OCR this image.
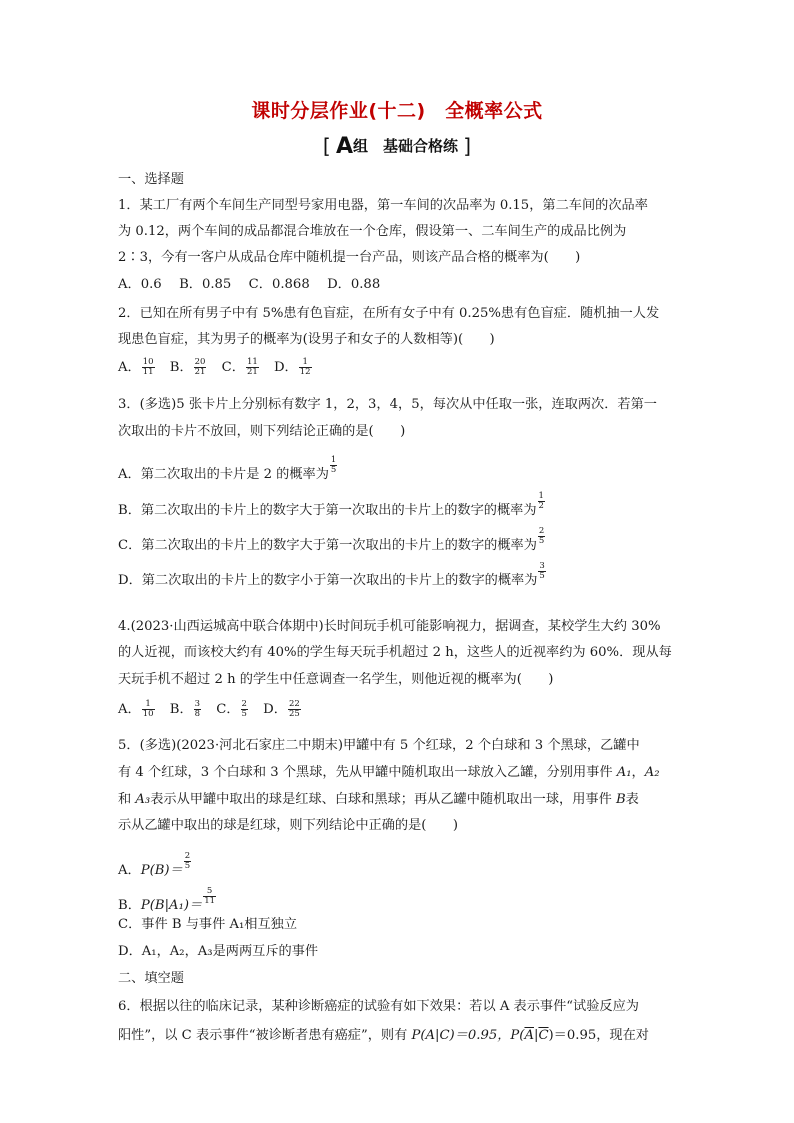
课时分层作业(十二)　全概率公式
[ A组　基础合格练 ]
一、选择题
1．某工厂有两个车间生产同型号家用电器，第一车间的次品率为 0.15，第二车间的次品率
为 0.12，两个车间的成品都混合堆放在一个仓库，假设第一、二车间生产的成品比例为
2∶3，今有一客户从成品仓库中随机提一台产品，则该产品合格的概率为(　　)
A．0.6　 B．0.85　 C．0.868　 D．0.88
2．已知在所有男子中有 5%患有色盲症，在所有女子中有 0.25%患有色盲症．随机抽一人发
现患色盲症，其为男子的概率为(设男子和女子的人数相等)(　　)
A． $\frac{10}{11}$ B． $\frac{20}{21}$ C． $\frac{11}{21}$ D． $\frac{1}{12}$
3．(多选)5 张卡片上分别标有数字 1，2，3，4，5，每次从中任取一张，连取两次．若第一
次取出的卡片不放回，则下列结论正确的是(　　)
A．第二次取出的卡片是 2 的概率为 $\frac{1}{5}$
B．第二次取出的卡片上的数字大于第一次取出的卡片上的数字的概率为 $\frac{1}{2}$
C．第二次取出的卡片上的数字大于第一次取出的卡片上的数字的概率为 $\frac{2}{5}$
D．第二次取出的卡片上的数字小于第一次取出的卡片上的数字的概率为 $\frac{3}{5}$
4.(2023·山西运城高中联合体期中)长时间玩手机可能影响视力，据调查，某校学生大约 30%
的人近视，而该校大约有 40%的学生每天玩手机超过 2 h，这些人的近视率约为 60%．现从每
天玩手机不超过 2 h 的学生中任意调查一名学生，则他近视的概率为(　　)
A． $\frac{1}{10}$ B． $\frac{3}{8}$ C． $\frac{2}{5}$ D． $\frac{22}{25}$
5．(多选)(2023·河北石家庄二中期末)甲罐中有 5 个红球，2 个白球和 3 个黑球，乙罐中
有 4 个红球，3 个白球和 3 个黑球，先从甲罐中随机取出一球放入乙罐，分别用事件 A₁，A₂
和 A₃表示从甲罐中取出的球是红球、白球和黑球；再从乙罐中随机取出一球，用事件 B表
示从乙罐中取出的球是红球，则下列结论中正确的是(　　)
A．$P(B)= \frac{2}{5}$
B．$P(B|A_1)= \frac{5}{11}$
C．事件 B 与事件 A₁相互独立
D．A₁，A₂，A₃是两两互斥的事件
二、填空题
6．根据以往的临床记录，某种诊断癌症的试验有如下效果：若以 A 表示事件“试验反应为
阳性”，以 C 表示事件“被诊断者患有癌症”，则有 P(A|C)＝0.95，$P(\overline{A}|\overline{C})=0.95$，现在对
